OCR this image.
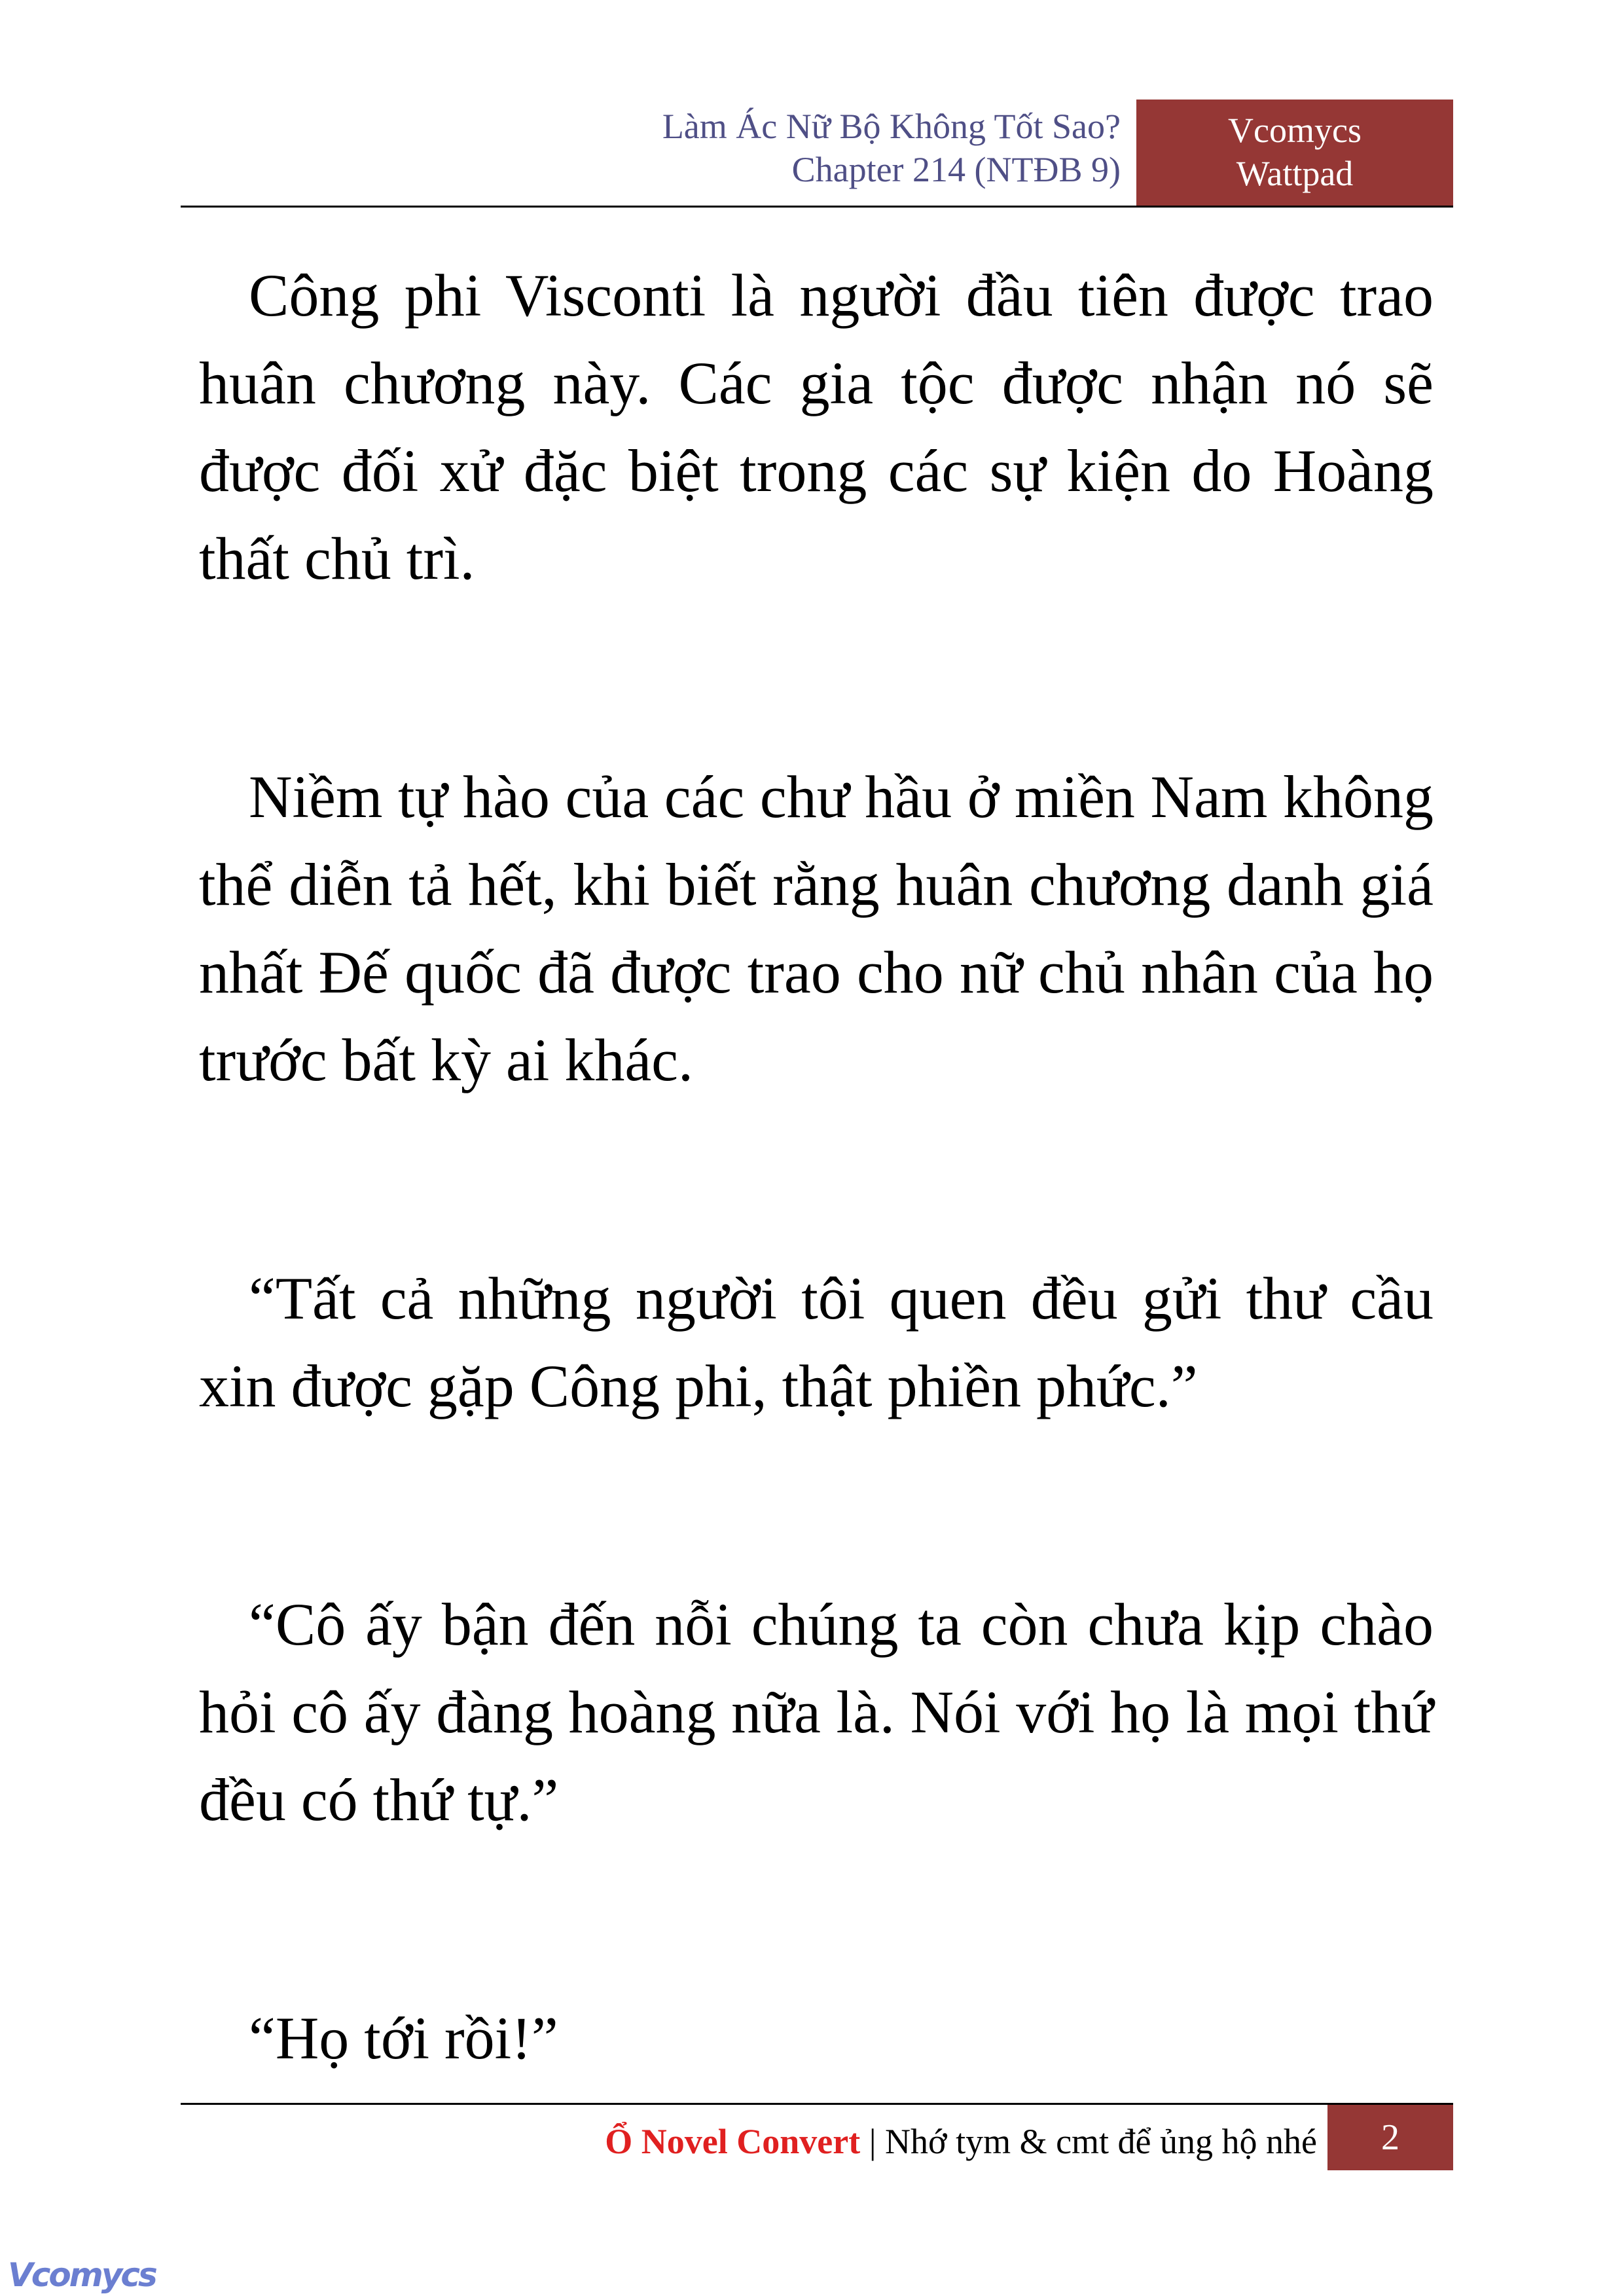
Làm Ác Nữ Bộ Không Tốt Sao?
Chapter 214 (NTĐB 9)
Vcomycs
Wattpad

Công phi Visconti là người đầu tiên được trao huân chương này. Các gia tộc được nhận nó sẽ được đối xử đặc biệt trong các sự kiện do Hoàng thất chủ trì.

Niềm tự hào của các chư hầu ở miền Nam không thể diễn tả hết, khi biết rằng huân chương danh giá nhất Đế quốc đã được trao cho nữ chủ nhân của họ trước bất kỳ ai khác.

“Tất cả những người tôi quen đều gửi thư cầu xin được gặp Công phi, thật phiền phức.”

“Cô ấy bận đến nỗi chúng ta còn chưa kịp chào hỏi cô ấy đàng hoàng nữa là. Nói với họ là mọi thứ đều có thứ tự.”

“Họ tới rồi!”

Ổ Novel Convert | Nhớ tym & cmt để ủng hộ nhé	2
Vcomycs
